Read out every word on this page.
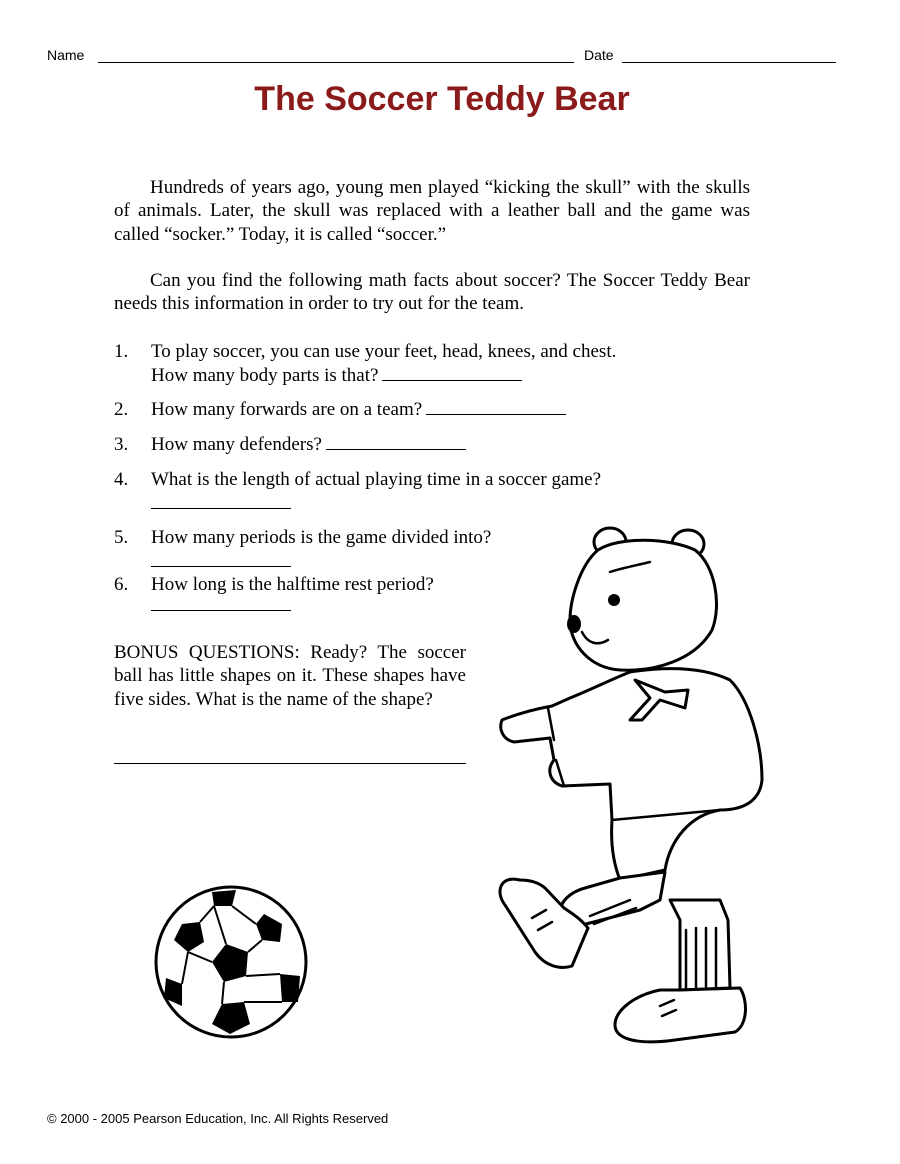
Name	Date
The Soccer Teddy Bear
Hundreds of years ago, young men played “kicking the skull” with the skulls of animals. Later, the skull was replaced with a leather ball and the game was called “socker.” Today, it is called “soccer.”
Can you find the following math facts about soccer? The Soccer Teddy Bear needs this information in order to try out for the team.
1. To play soccer, you can use your feet, head, knees, and chest.
How many body parts is that?
2. How many forwards are on a team?
3. How many defenders?
4. What is the length of actual playing time in a soccer game?
5. How many periods is the game divided into?
6. How long is the halftime rest period?
BONUS QUESTIONS: Ready? The soccer ball has little shapes on it. These shapes have five sides. What is the name of the shape?
© 2000 - 2005 Pearson Education, Inc. All Rights Reserved
